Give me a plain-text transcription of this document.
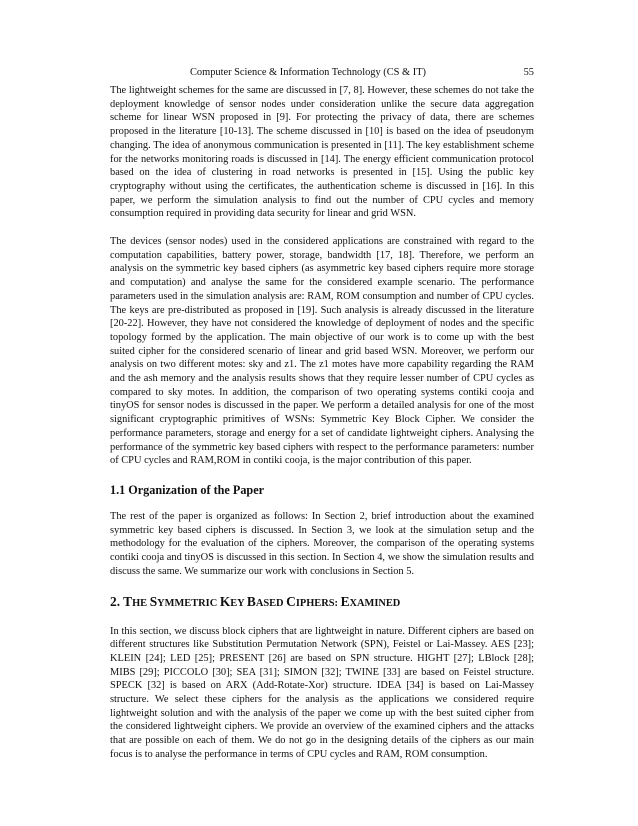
Computer Science & Information Technology (CS & IT)	55

The lightweight schemes for the same are discussed in [7, 8]. However, these schemes do not take the deployment knowledge of sensor nodes under consideration unlike the secure data aggregation scheme for linear WSN proposed in [9]. For protecting the privacy of data, there are schemes proposed in the literature [10-13]. The scheme discussed in [10] is based on the idea of pseudonym changing. The idea of anonymous communication is presented in [11]. The key establishment scheme for the networks monitoring roads is discussed in [14]. The energy efficient communication protocol based on the idea of clustering in road networks is presented in [15]. Using the public key cryptography without using the certificates, the authentication scheme is discussed in [16]. In this paper, we perform the simulation analysis to find out the number of CPU cycles and memory consumption required in providing data security for linear and grid WSN.

The devices (sensor nodes) used in the considered applications are constrained with regard to the computation capabilities, battery power, storage, bandwidth [17, 18]. Therefore, we perform an analysis on the symmetric key based ciphers (as asymmetric key based ciphers require more storage and computation) and analyse the same for the considered example scenario. The performance parameters used in the simulation analysis are: RAM, ROM consumption and number of CPU cycles. The keys are pre-distributed as proposed in [19]. Such analysis is already discussed in the literature [20-22]. However, they have not considered the knowledge of deployment of nodes and the specific topology formed by the application. The main objective of our work is to come up with the best suited cipher for the considered scenario of linear and grid based WSN. Moreover, we perform our analysis on two different motes: sky and z1. The z1 motes have more capability regarding the RAM and the ash memory and the analysis results shows that they require lesser number of CPU cycles as compared to sky motes. In addition, the comparison of two operating systems contiki cooja and tinyOS for sensor nodes is discussed in the paper. We perform a detailed analysis for one of the most significant cryptographic primitives of WSNs: Symmetric Key Block Cipher. We consider the performance parameters, storage and energy for a set of candidate lightweight ciphers. Analysing the performance of the symmetric key based ciphers with respect to the performance parameters: number of CPU cycles and RAM,ROM in contiki cooja, is the major contribution of this paper.

1.1 Organization of the Paper

The rest of the paper is organized as follows: In Section 2, brief introduction about the examined symmetric key based ciphers is discussed. In Section 3, we look at the simulation setup and the methodology for the evaluation of the ciphers. Moreover, the comparison of the operating systems contiki cooja and tinyOS is discussed in this section. In Section 4, we show the simulation results and discuss the same. We summarize our work with conclusions in Section 5.

2. THE SYMMETRIC KEY BASED CIPHERS: EXAMINED

In this section, we discuss block ciphers that are lightweight in nature. Different ciphers are based on different structures like Substitution Permutation Network (SPN), Feistel or Lai-Massey. AES [23]; KLEIN [24]; LED [25]; PRESENT [26] are based on SPN structure. HIGHT [27]; LBlock [28]; MIBS [29]; PICCOLO [30]; SEA [31]; SIMON [32]; TWINE [33] are based on Feistel structure. SPECK [32] is based on ARX (Add-Rotate-Xor) structure. IDEA [34] is based on Lai-Massey structure. We select these ciphers for the analysis as the applications we considered require lightweight solution and with the analysis of the paper we come up with the best suited cipher from the considered lightweight ciphers. We provide an overview of the examined ciphers and the attacks that are possible on each of them. We do not go in the designing details of the ciphers as our main focus is to analyse the performance in terms of CPU cycles and RAM, ROM consumption.
